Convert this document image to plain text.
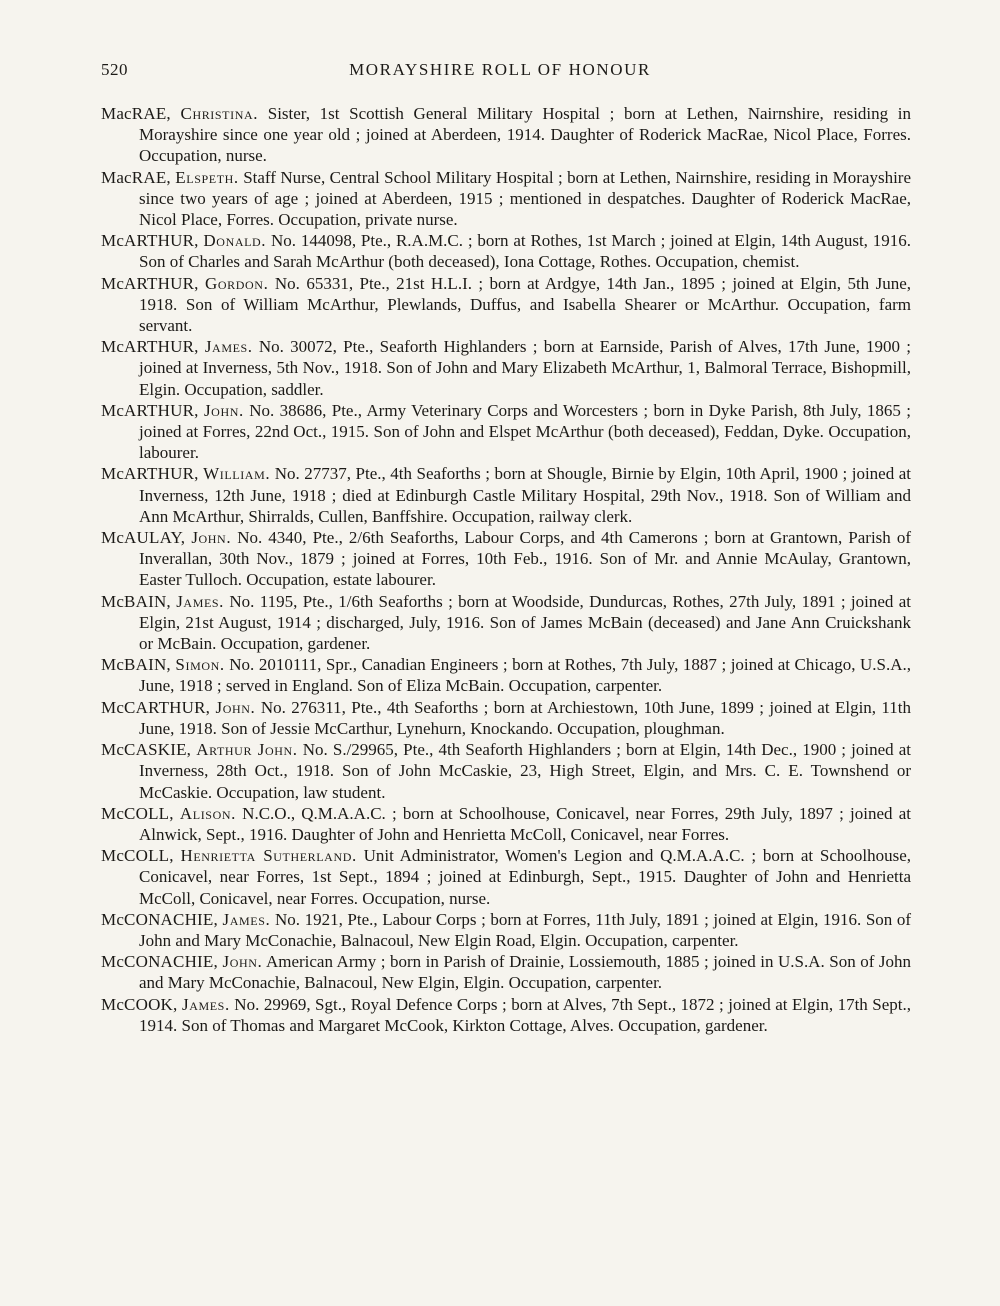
520	MORAYSHIRE ROLL OF HONOUR
MacRAE, Christina. Sister, 1st Scottish General Military Hospital ; born at Lethen, Nairnshire, residing in Morayshire since one year old ; joined at Aberdeen, 1914. Daughter of Roderick MacRae, Nicol Place, Forres. Occupation, nurse.
MacRAE, Elspeth. Staff Nurse, Central School Military Hospital ; born at Lethen, Nairnshire, residing in Morayshire since two years of age ; joined at Aberdeen, 1915 ; mentioned in despatches. Daughter of Roderick MacRae, Nicol Place, Forres. Occupation, private nurse.
McARTHUR, Donald. No. 144098, Pte., R.A.M.C. ; born at Rothes, 1st March ; joined at Elgin, 14th August, 1916. Son of Charles and Sarah McArthur (both deceased), Iona Cottage, Rothes. Occupation, chemist.
McARTHUR, Gordon. No. 65331, Pte., 21st H.L.I. ; born at Ardgye, 14th Jan., 1895 ; joined at Elgin, 5th June, 1918. Son of William McArthur, Plewlands, Duffus, and Isabella Shearer or McArthur. Occupation, farm servant.
McARTHUR, James. No. 30072, Pte., Seaforth Highlanders ; born at Earnside, Parish of Alves, 17th June, 1900 ; joined at Inverness, 5th Nov., 1918. Son of John and Mary Elizabeth McArthur, 1, Balmoral Terrace, Bishopmill, Elgin. Occupation, saddler.
McARTHUR, John. No. 38686, Pte., Army Veterinary Corps and Worcesters ; born in Dyke Parish, 8th July, 1865 ; joined at Forres, 22nd Oct., 1915. Son of John and Elspet McArthur (both deceased), Feddan, Dyke. Occupation, labourer.
McARTHUR, William. No. 27737, Pte., 4th Seaforths ; born at Shougle, Birnie by Elgin, 10th April, 1900 ; joined at Inverness, 12th June, 1918 ; died at Edinburgh Castle Military Hospital, 29th Nov., 1918. Son of William and Ann McArthur, Shirralds, Cullen, Banffshire. Occupation, railway clerk.
McAULAY, John. No. 4340, Pte., 2/6th Seaforths, Labour Corps, and 4th Camerons ; born at Grantown, Parish of Inverallan, 30th Nov., 1879 ; joined at Forres, 10th Feb., 1916. Son of Mr. and Annie McAulay, Grantown, Easter Tulloch. Occupation, estate labourer.
McBAIN, James. No. 1195, Pte., 1/6th Seaforths ; born at Woodside, Dundurcas, Rothes, 27th July, 1891 ; joined at Elgin, 21st August, 1914 ; discharged, July, 1916. Son of James McBain (deceased) and Jane Ann Cruickshank or McBain. Occupation, gardener.
McBAIN, Simon. No. 2010111, Spr., Canadian Engineers ; born at Rothes, 7th July, 1887 ; joined at Chicago, U.S.A., June, 1918 ; served in England. Son of Eliza McBain. Occupation, carpenter.
McCARTHUR, John. No. 276311, Pte., 4th Seaforths ; born at Archiestown, 10th June, 1899 ; joined at Elgin, 11th June, 1918. Son of Jessie McCarthur, Lynehurn, Knockando. Occupation, ploughman.
McCASKIE, Arthur John. No. S./29965, Pte., 4th Seaforth Highlanders ; born at Elgin, 14th Dec., 1900 ; joined at Inverness, 28th Oct., 1918. Son of John McCaskie, 23, High Street, Elgin, and Mrs. C. E. Townshend or McCaskie. Occupation, law student.
McCOLL, Alison. N.C.O., Q.M.A.A.C. ; born at Schoolhouse, Conicavel, near Forres, 29th July, 1897 ; joined at Alnwick, Sept., 1916. Daughter of John and Henrietta McColl, Conicavel, near Forres.
McCOLL, Henrietta Sutherland. Unit Administrator, Women's Legion and Q.M.A.A.C. ; born at Schoolhouse, Conicavel, near Forres, 1st Sept., 1894 ; joined at Edinburgh, Sept., 1915. Daughter of John and Henrietta McColl, Conicavel, near Forres. Occupation, nurse.
McCONACHIE, James. No. 1921, Pte., Labour Corps ; born at Forres, 11th July, 1891 ; joined at Elgin, 1916. Son of John and Mary McConachie, Balnacoul, New Elgin Road, Elgin. Occupation, carpenter.
McCONACHIE, John. American Army ; born in Parish of Drainie, Lossiemouth, 1885 ; joined in U.S.A. Son of John and Mary McConachie, Balnacoul, New Elgin, Elgin. Occupation, carpenter.
McCOOK, James. No. 29969, Sgt., Royal Defence Corps ; born at Alves, 7th Sept., 1872 ; joined at Elgin, 17th Sept., 1914. Son of Thomas and Margaret McCook, Kirkton Cottage, Alves. Occupation, gardener.
